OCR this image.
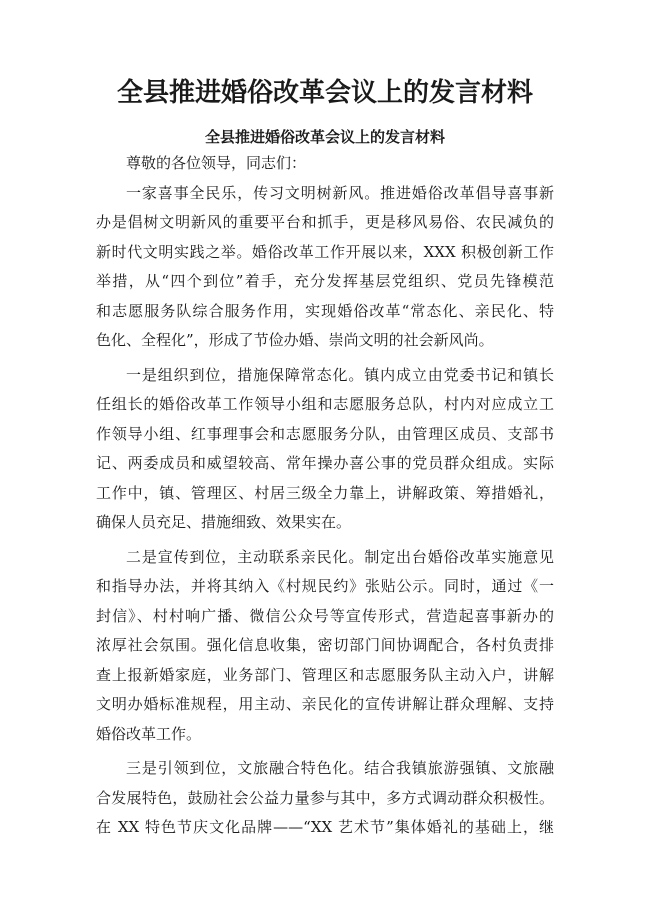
全县推进婚俗改革会议上的发言材料
全县推进婚俗改革会议上的发言材料

尊敬的各位领导，同志们：

一家喜事全民乐，传习文明树新风。推进婚俗改革倡导喜事新

办是倡树文明新风的重要平台和抓手，更是移风易俗、农民减负的

新时代文明实践之举。婚俗改革工作开展以来，XXX 积极创新工作

举措，从“四个到位”着手，充分发挥基层党组织、党员先锋模范

和志愿服务队综合服务作用，实现婚俗改革“常态化、亲民化、特

色化、全程化”，形成了节俭办婚、崇尚文明的社会新风尚。

一是组织到位，措施保障常态化。镇内成立由党委书记和镇长

任组长的婚俗改革工作领导小组和志愿服务总队，村内对应成立工

作领导小组、红事理事会和志愿服务分队，由管理区成员、支部书

记、两委成员和威望较高、常年操办喜公事的党员群众组成。实际

工作中，镇、管理区、村居三级全力靠上，讲解政策、筹措婚礼，

确保人员充足、措施细致、效果实在。

二是宣传到位，主动联系亲民化。制定出台婚俗改革实施意见

和指导办法，并将其纳入《村规民约》张贴公示。同时，通过《一

封信》、村村响广播、微信公众号等宣传形式，营造起喜事新办的

浓厚社会氛围。强化信息收集，密切部门间协调配合，各村负责排

查上报新婚家庭，业务部门、管理区和志愿服务队主动入户，讲解

文明办婚标准规程，用主动、亲民化的宣传讲解让群众理解、支持

婚俗改革工作。

三是引领到位，文旅融合特色化。结合我镇旅游强镇、文旅融

合发展特色，鼓励社会公益力量参与其中，多方式调动群众积极性。

在 XX 特色节庆文化品牌——“XX 艺术节”集体婚礼的基础上，继
